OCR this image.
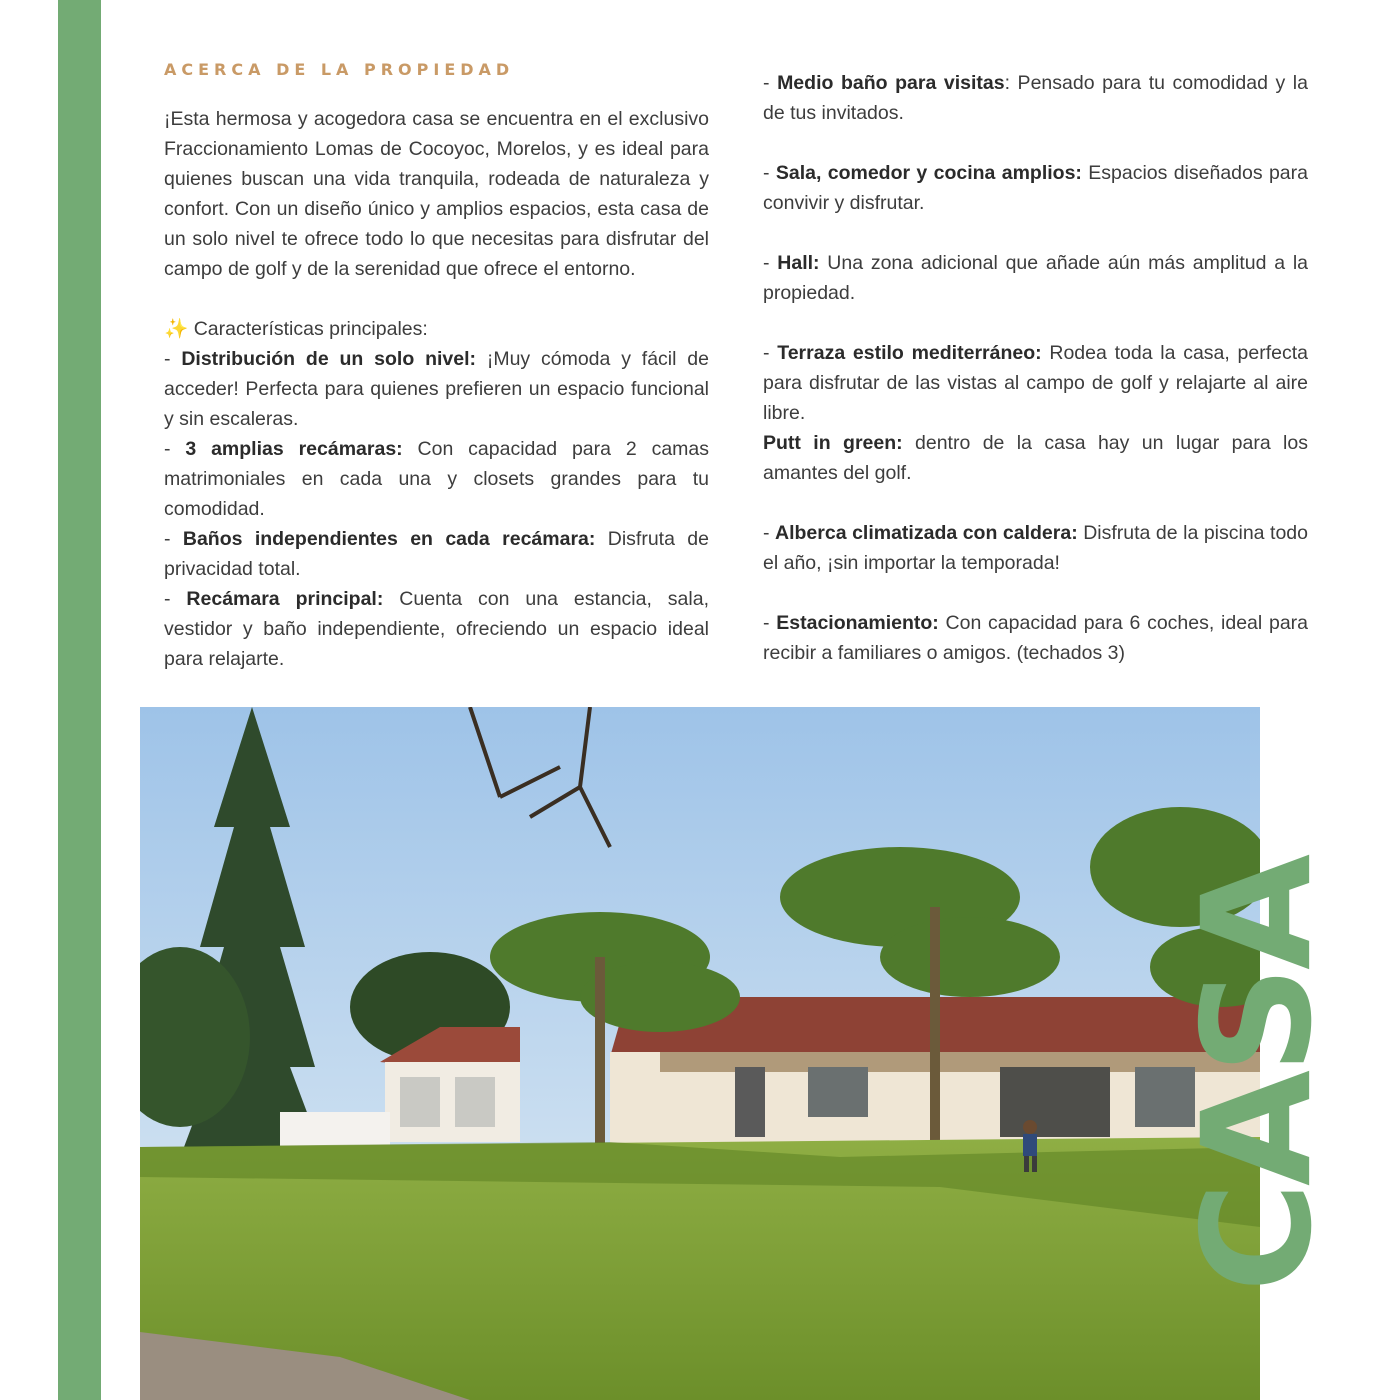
ACERCA DE LA PROPIEDAD

¡Esta hermosa y acogedora casa se encuentra en el exclusivo Fraccionamiento Lomas de Cocoyoc, Morelos, y es ideal para quienes buscan una vida tranquila, rodeada de naturaleza y confort. Con un diseño único y amplios espacios, esta casa de un solo nivel te ofrece todo lo que necesitas para disfrutar del campo de golf y de la serenidad que ofrece el entorno.

✨ Características principales:

- Distribución de un solo nivel: ¡Muy cómoda y fácil de acceder! Perfecta para quienes prefieren un espacio funcional y sin escaleras.

- 3 amplias recámaras: Con capacidad para 2 camas matrimoniales en cada una y closets grandes para tu comodidad.

- Baños independientes en cada recámara: Disfruta de privacidad total.

- Recámara principal: Cuenta con una estancia, sala, vestidor y baño independiente, ofreciendo un espacio ideal para relajarte.

- Medio baño para visitas: Pensado para tu comodidad y la de tus invitados.

- Sala, comedor y cocina amplios: Espacios diseñados para convivir y disfrutar.

- Hall: Una zona adicional que añade aún más amplitud a la propiedad.

- Terraza estilo mediterráneo: Rodea toda la casa, perfecta para disfrutar de las vistas al campo de golf y relajarte al aire libre.

Putt in green: dentro de la casa hay un lugar para los amantes del golf.

- Alberca climatizada con caldera: Disfruta de la piscina todo el año, ¡sin importar la temporada!

- Estacionamiento: Con capacidad para 6 coches, ideal para recibir a familiares o amigos. (techados 3)

CASA
